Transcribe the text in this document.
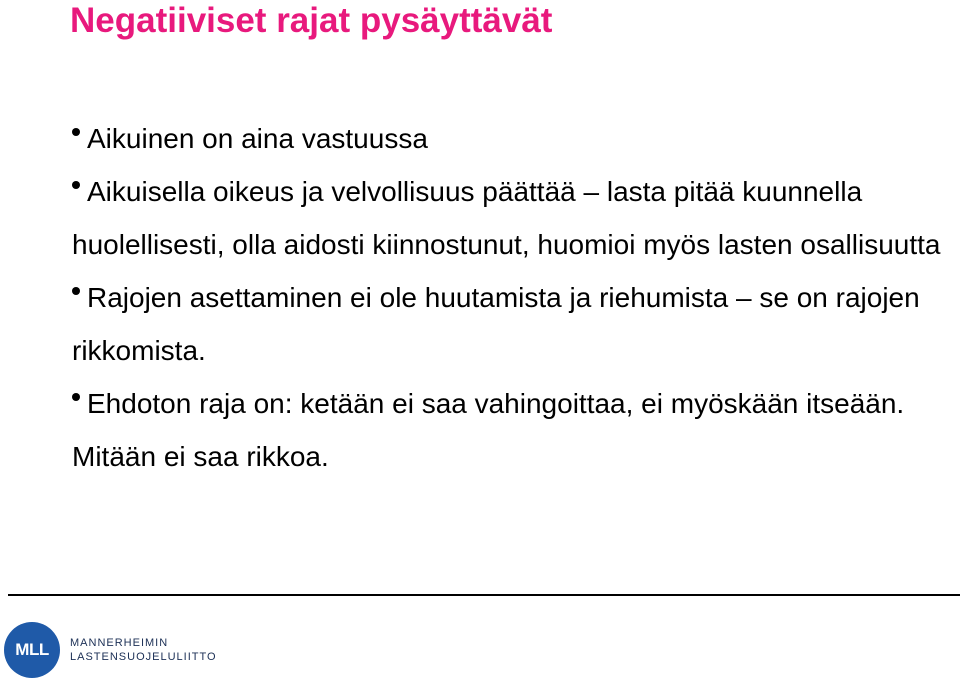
Negatiiviset rajat pysäyttävät
Aikuinen on aina vastuussa
Aikuisella oikeus ja velvollisuus päättää – lasta pitää kuunnella huolellisesti, olla aidosti kiinnostunut, huomioi myös lasten osallisuutta
Rajojen asettaminen ei ole huutamista ja riehumista – se on rajojen rikkomista.
Ehdoton raja on: ketään ei saa vahingoittaa, ei myöskään itseään. Mitään ei saa rikkoa.
MLL	MANNERHEIMIN
LASTENSUOJELULIITTO
